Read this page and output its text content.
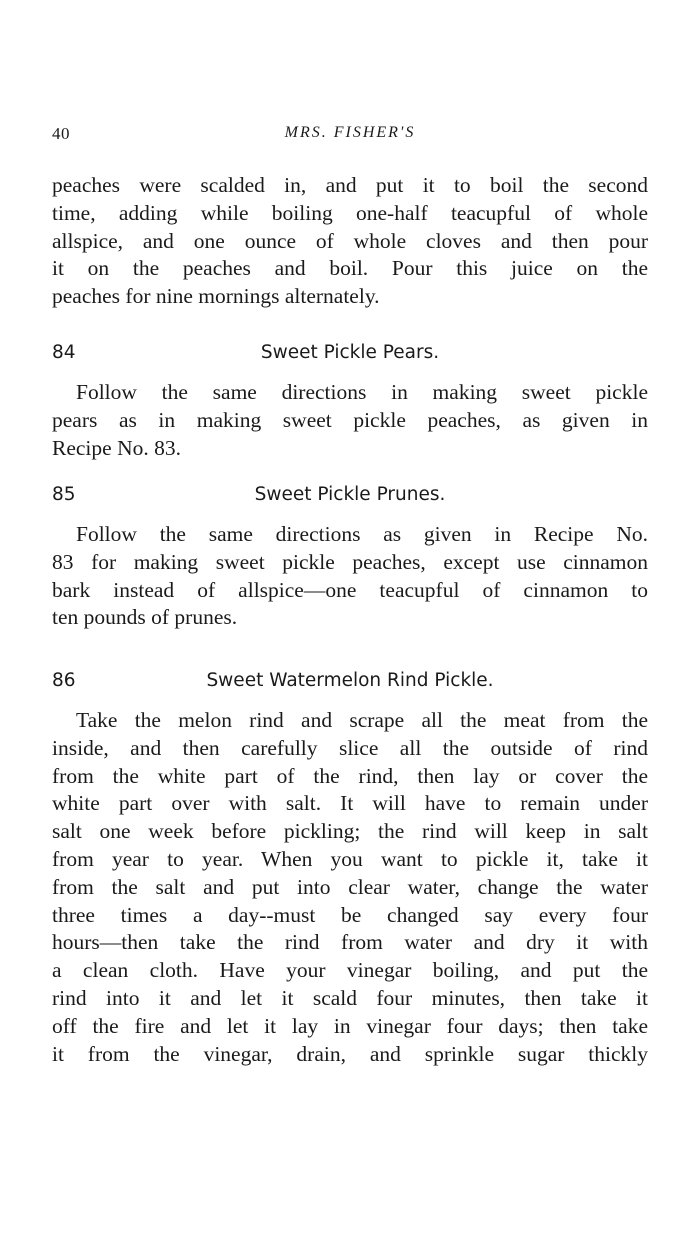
40	MRS. FISHER'S

peaches were scalded in, and put it to boil the second
time, adding while boiling one-half teacupful of whole
allspice, and one ounce of whole cloves and then pour
it on the peaches and boil. Pour this juice on the
peaches for nine mornings alternately.

84	Sweet Pickle Pears.

Follow the same directions in making sweet pickle
pears as in making sweet pickle peaches, as given in
Recipe No. 83.

85	Sweet Pickle Prunes.

Follow the same directions as given in Recipe No.
83 for making sweet pickle peaches, except use cinnamon
bark instead of allspice—one teacupful of cinnamon to
ten pounds of prunes.

86	Sweet Watermelon Rind Pickle.

Take the melon rind and scrape all the meat from the
inside, and then carefully slice all the outside of rind
from the white part of the rind, then lay or cover the
white part over with salt. It will have to remain under
salt one week before pickling; the rind will keep in salt
from year to year. When you want to pickle it, take it
from the salt and put into clear water, change the water
three times a day--must be changed say every four
hours—then take the rind from water and dry it with
a clean cloth. Have your vinegar boiling, and put the
rind into it and let it scald four minutes, then take it
off the fire and let it lay in vinegar four days; then take
it from the vinegar, drain, and sprinkle sugar thickly
